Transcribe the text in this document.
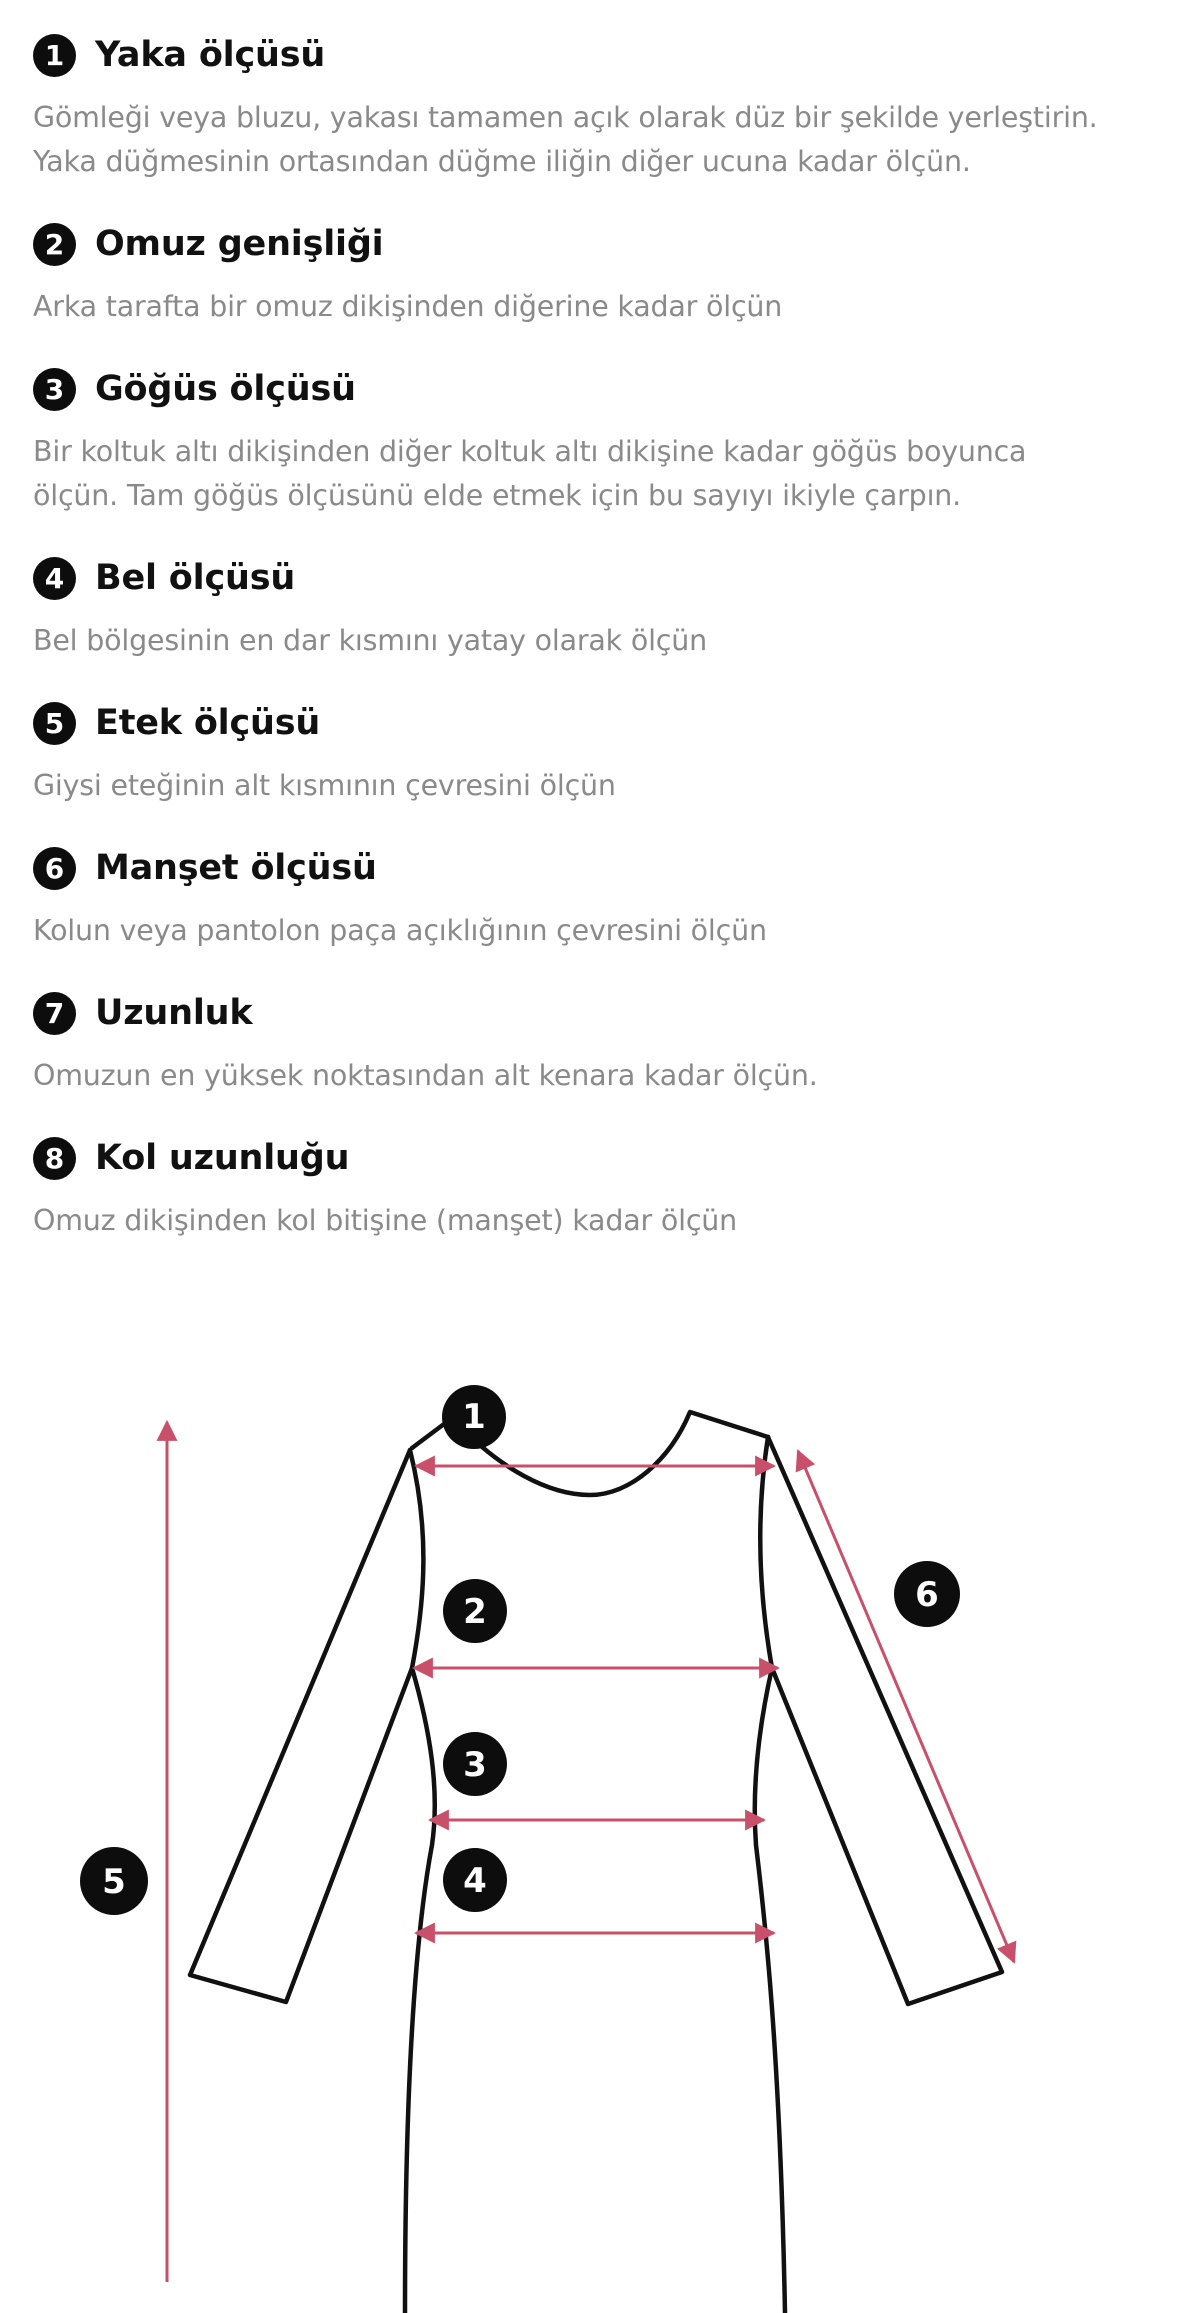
1 Yaka ölçüsü
Gömleği veya bluzu, yakası tamamen açık olarak düz bir şekilde yerleştirin.
Yaka düğmesinin ortasından düğme iliğin diğer ucuna kadar ölçün.
2 Omuz genişliği
Arka tarafta bir omuz dikişinden diğerine kadar ölçün
3 Göğüs ölçüsü
Bir koltuk altı dikişinden diğer koltuk altı dikişine kadar göğüs boyunca
ölçün. Tam göğüs ölçüsünü elde etmek için bu sayıyı ikiyle çarpın.
4 Bel ölçüsü
Bel bölgesinin en dar kısmını yatay olarak ölçün
5 Etek ölçüsü
Giysi eteğinin alt kısmının çevresini ölçün
6 Manşet ölçüsü
Kolun veya pantolon paça açıklığının çevresini ölçün
7 Uzunluk
Omuzun en yüksek noktasından alt kenara kadar ölçün.
8 Kol uzunluğu
Omuz dikişinden kol bitişine (manşet) kadar ölçün
1
2
3
4
5
6
